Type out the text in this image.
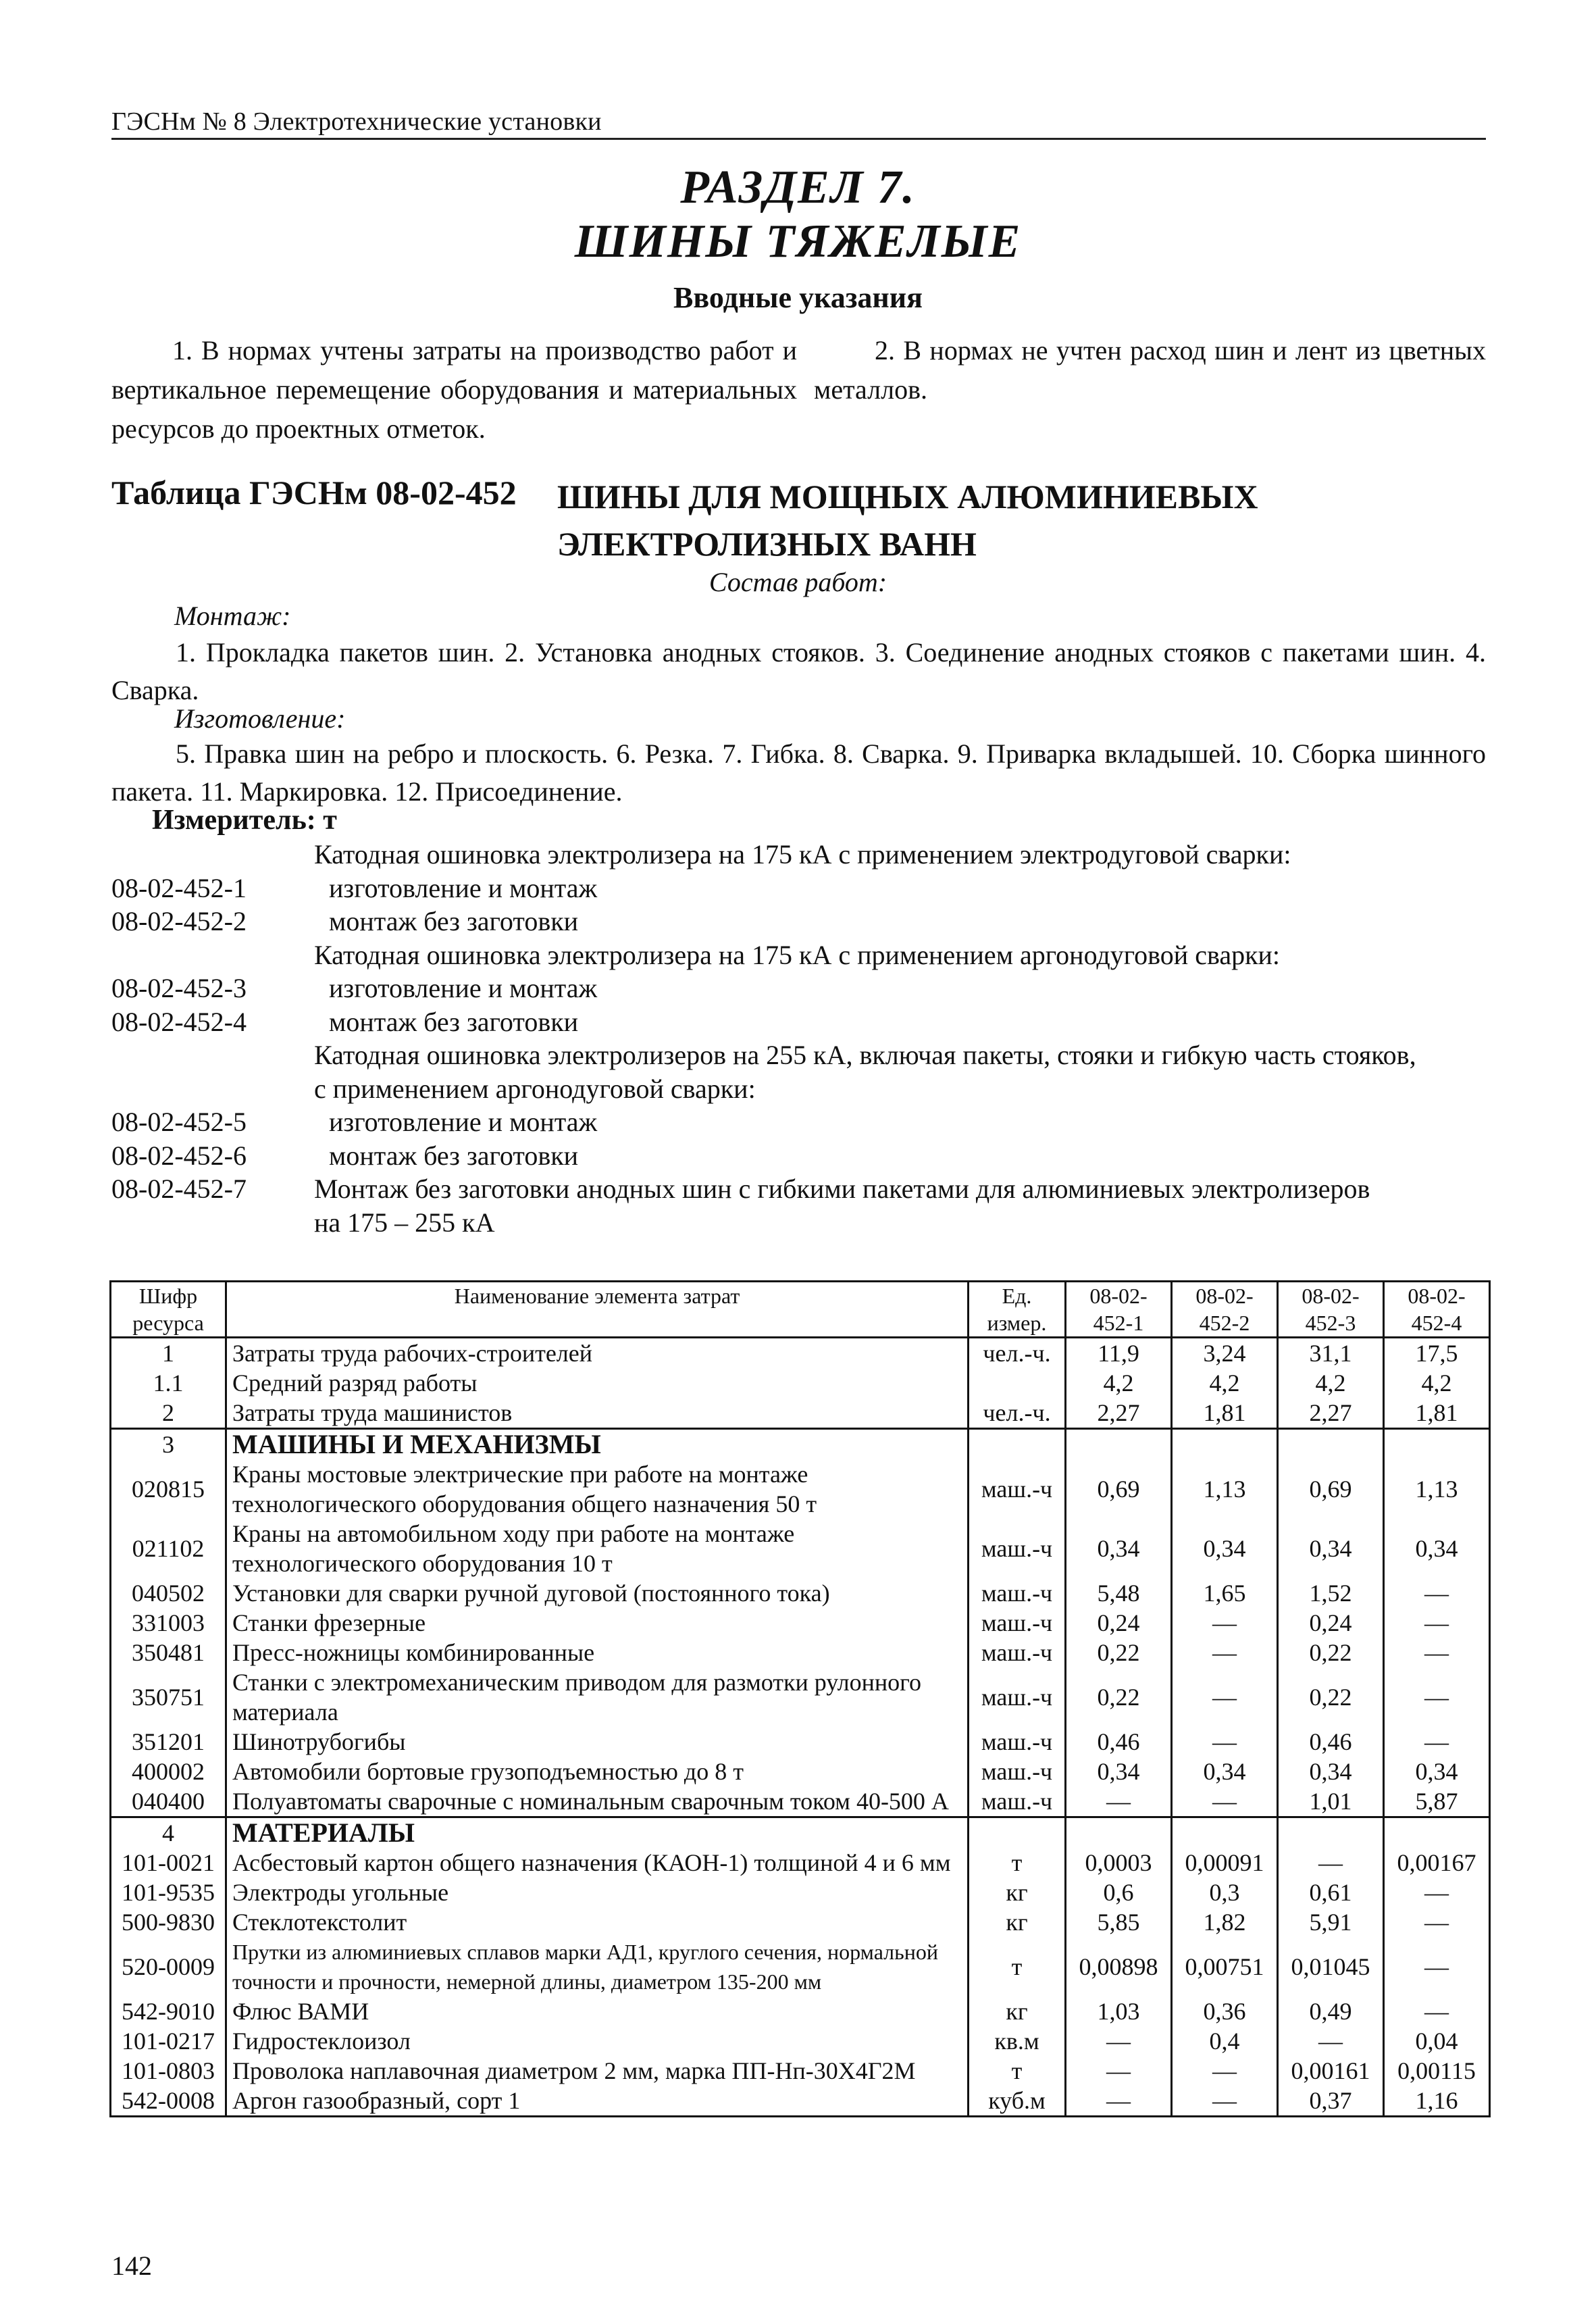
ГЭСНм № 8 Электротехнические установки
РАЗДЕЛ 7.
ШИНЫ ТЯЖЕЛЫЕ
Вводные указания

1. В нормах учтены затраты на производство работ и вертикальное перемещение оборудования и материальных ресурсов до проектных отметок.

2. В нормах не учтен расход шин и лент из цветных металлов.

Таблица ГЭСНм 08-02-452 ШИНЫ ДЛЯ МОЩНЫХ АЛЮМИНИЕВЫХ
ЭЛЕКТРОЛИЗНЫХ ВАНН
Состав работ:
Монтаж:
1. Прокладка пакетов шин. 2. Установка анодных стояков. 3. Соединение анодных стояков с пакетами шин. 4. Сварка.
Изготовление:
5. Правка шин на ребро и плоскость. 6. Резка. 7. Гибка. 8. Сварка. 9. Приварка вкладышей. 10. Сборка шинного пакета. 11. Маркировка. 12. Присоединение.
Измеритель: т
Катодная ошиновка электролизера на 175 кА с применением электродуговой сварки:
08-02-452-1	изготовление и монтаж
08-02-452-2	монтаж без заготовки
Катодная ошиновка электролизера на 175 кА с применением аргонодуговой сварки:
08-02-452-3	изготовление и монтаж
08-02-452-4	монтаж без заготовки
Катодная ошиновка электролизеров на 255 кА, включая пакеты, стояки и гибкую часть стояков,
с применением аргонодуговой сварки:
08-02-452-5	изготовление и монтаж
08-02-452-6	монтаж без заготовки
08-02-452-7	Монтаж без заготовки анодных шин с гибкими пакетами для алюминиевых электролизеров
на 175 – 255 кА
Шифр ресурса	Наименование элемента затрат	Ед. измер.	08-02-452-1	08-02-452-2	08-02-452-3	08-02-452-4
1	Затраты труда рабочих-строителей	чел.-ч.	11,9	3,24	31,1	17,5
1.1	Средний разряд работы		4,2	4,2	4,2	4,2
2	Затраты труда машинистов	чел.-ч.	2,27	1,81	2,27	1,81
3	МАШИНЫ И МЕХАНИЗМЫ					
020815	Краны мостовые электрические при работе на монтаже технологического оборудования общего назначения 50 т	маш.-ч	0,69	1,13	0,69	1,13
021102	Краны на автомобильном ходу при работе на монтаже технологического оборудования 10 т	маш.-ч	0,34	0,34	0,34	0,34
040502	Установки для сварки ручной дуговой (постоянного тока)	маш.-ч	5,48	1,65	1,52	—
331003	Станки фрезерные	маш.-ч	0,24	—	0,24	—
350481	Пресс-ножницы комбинированные	маш.-ч	0,22	—	0,22	—
350751	Станки с электромеханическим приводом для размотки рулонного материала	маш.-ч	0,22	—	0,22	—
351201	Шинотрубогибы	маш.-ч	0,46	—	0,46	—
400002	Автомобили бортовые грузоподъемностью до 8 т	маш.-ч	0,34	0,34	0,34	0,34
040400	Полуавтоматы сварочные с номинальным сварочным током 40-500 А	маш.-ч	—	—	1,01	5,87
4	МАТЕРИАЛЫ					
101-0021	Асбестовый картон общего назначения (КАОН-1) толщиной 4 и 6 мм	т	0,0003	0,00091	—	0,00167
101-9535	Электроды угольные	кг	0,6	0,3	0,61	—
500-9830	Стеклотекстолит	кг	5,85	1,82	5,91	—
520-0009	Прутки из алюминиевых сплавов марки АД1, круглого сечения, нормальной точности и прочности, немерной длины, диаметром 135-200 мм	т	0,00898	0,00751	0,01045	—
542-9010	Флюс ВАМИ	кг	1,03	0,36	0,49	—
101-0217	Гидростеклоизол	кв.м	—	0,4	—	0,04
101-0803	Проволока наплавочная диаметром 2 мм, марка ПП-Нп-30Х4Г2М	т	—	—	0,00161	0,00115
542-0008	Аргон газообразный, сорт 1	куб.м	—	—	0,37	1,16
142
